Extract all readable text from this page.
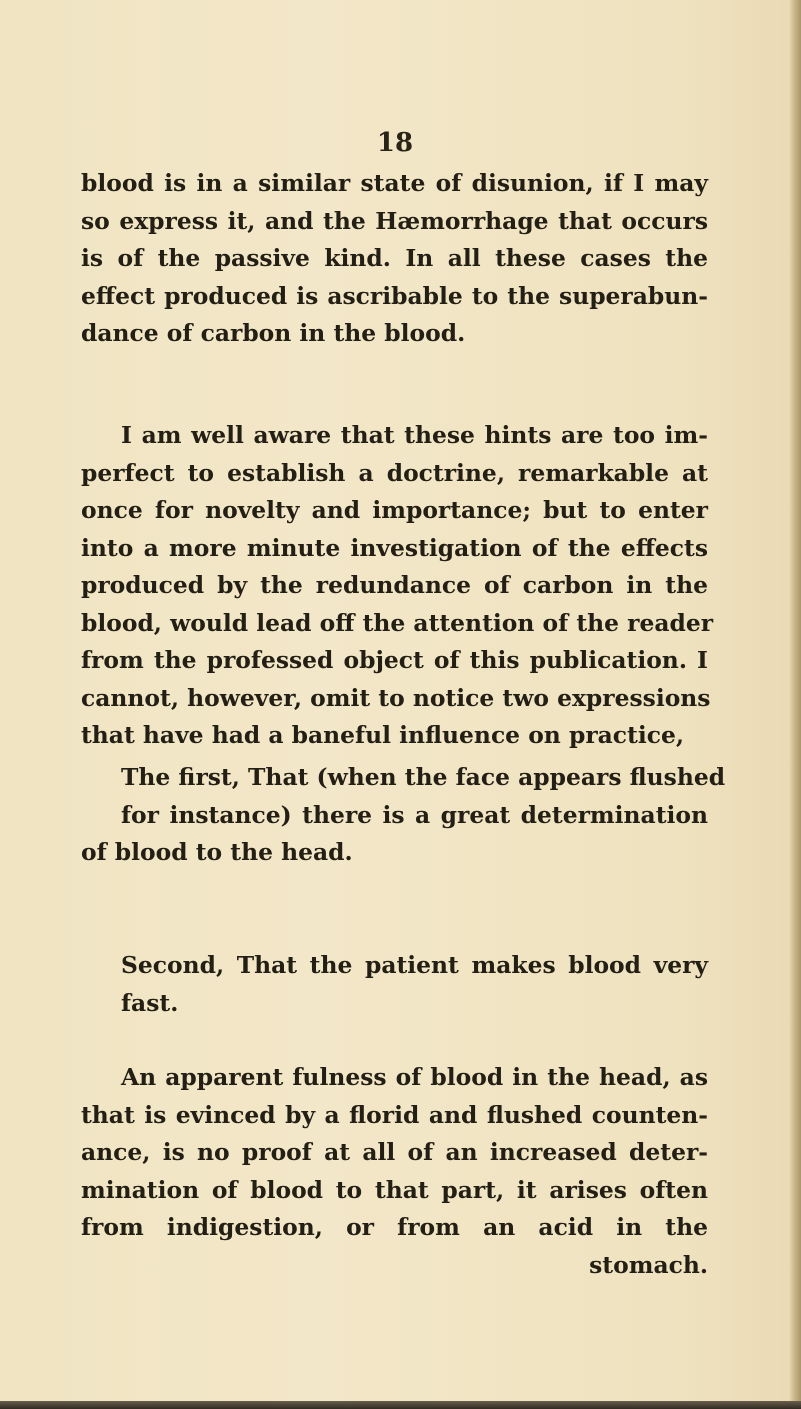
18
blood is in a similar state of disunion, if I may
so express it, and the Hæmorrhage that occurs
is of the passive kind. In all these cases the
effect produced is ascribable to the superabun-
dance of carbon in the blood.
I am well aware that these hints are too im-
perfect to establish a doctrine, remarkable at
once for novelty and importance; but to enter
into a more minute investigation of the effects
produced by the redundance of carbon in the
blood, would lead off the attention of the reader
from the professed object of this publication. I
cannot, however, omit to notice two expressions
that have had a baneful influence on practice,
The first, That (when the face appears flushed
for instance) there is a great determination
of blood to the head.
Second, That the patient makes blood very
fast.
An apparent fulness of blood in the head, as
that is evinced by a florid and flushed counten-
ance, is no proof at all of an increased deter-
mination of blood to that part, it arises often
from indigestion, or from an acid in the
stomach.
